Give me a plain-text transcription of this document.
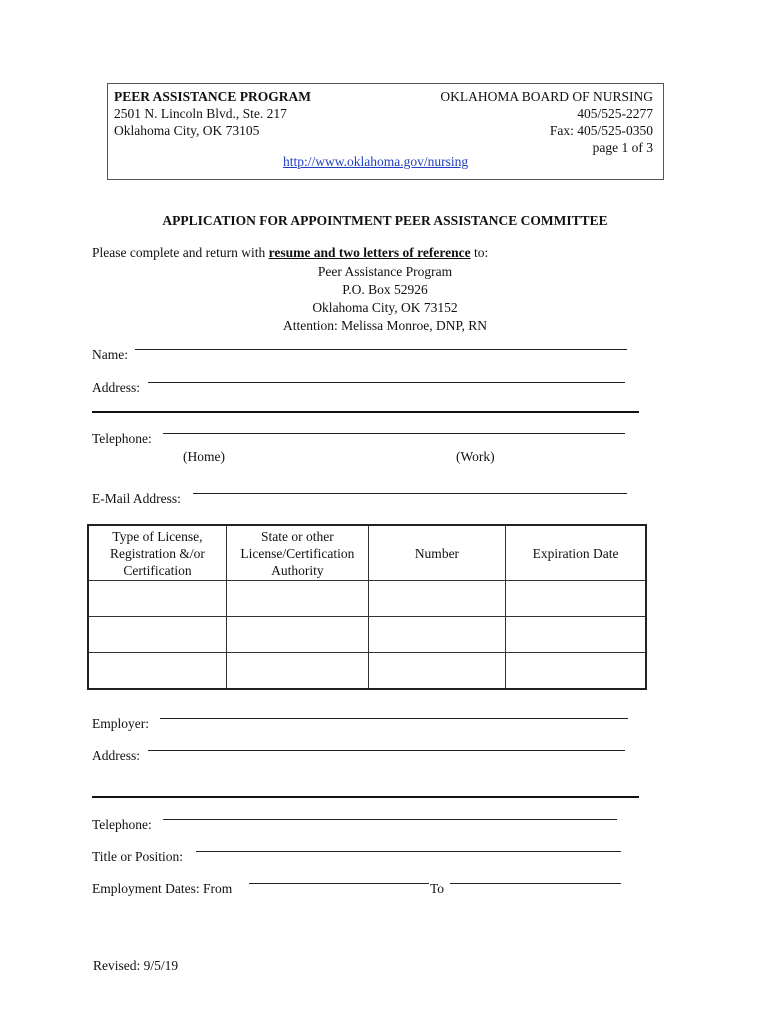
PEER ASSISTANCE PROGRAM
2501 N. Lincoln Blvd., Ste. 217
Oklahoma City, OK 73105
OKLAHOMA BOARD OF NURSING
405/525-2277
Fax: 405/525-0350
page 1 of 3
http://www.oklahoma.gov/nursing
APPLICATION FOR APPOINTMENT PEER ASSISTANCE COMMITTEE
Please complete and return with resume and two letters of reference to:
Peer Assistance Program
P.O. Box 52926
Oklahoma City, OK 73152
Attention: Melissa Monroe, DNP, RN
Name:
Address:
Telephone:
(Home)	(Work)
E-Mail Address:
Type of License, Registration &/or Certification	State or other License/Certification Authority	Number	Expiration Date

Employer:
Address:
Telephone:
Title or Position:
Employment Dates: From	To
Revised: 9/5/19
